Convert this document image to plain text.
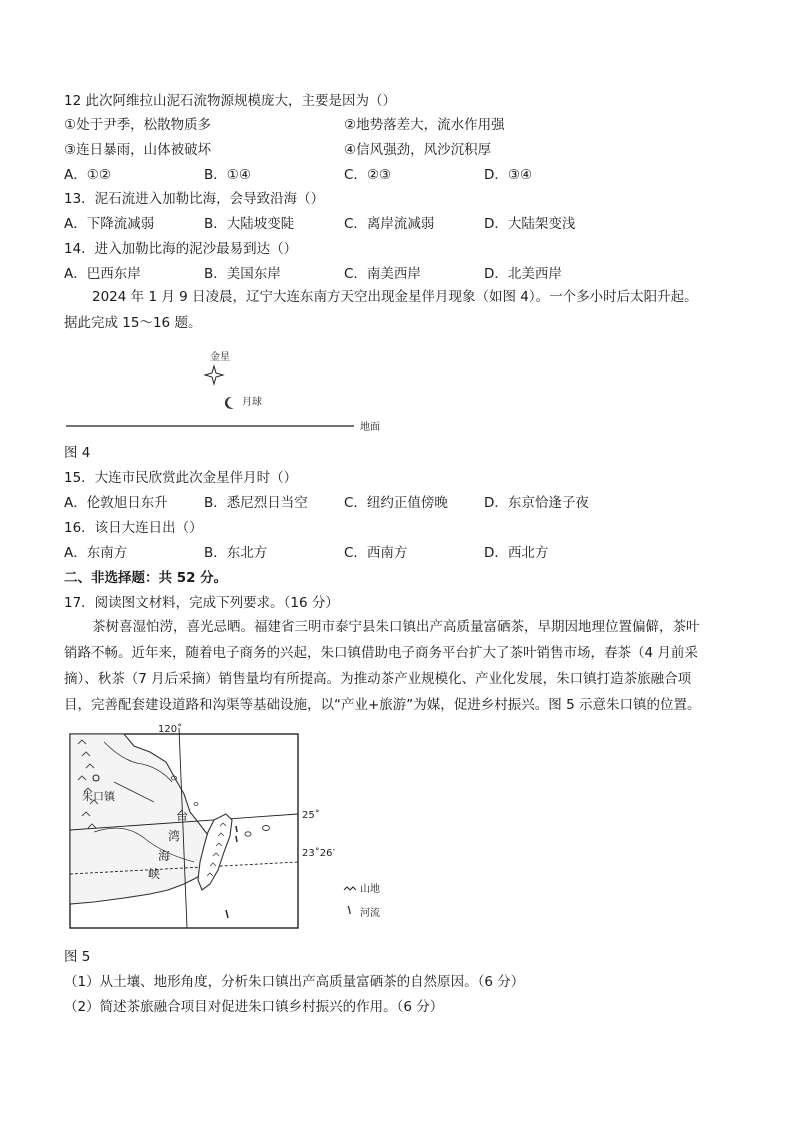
12 此次阿维拉山泥石流物源规模庞大，主要是因为（）
①处于尹季，松散物质多	②地势落差大，流水作用强
③连日暴雨，山体被破坏	④信风强劲，风沙沉积厚
A．①②	B．①④	C．②③	D．③④
13．泥石流进入加勒比海，会导致沿海（）
A．下降流减弱	B．大陆坡变陡	C．离岸流减弱	D．大陆架变浅
14．进入加勒比海的泥沙最易到达（）
A．巴西东岸	B．美国东岸	C．南美西岸	D．北美西岸
2024 年 1 月 9 日凌晨，辽宁大连东南方天空出现金星伴月现象（如图 4）。一个多小时后太阳升起。据此完成 15～16 题。
金星
月球
地面
图 4
15．大连市民欣赏此次金星伴月时（）
A．伦敦旭日东升	B．悉尼烈日当空	C．纽约正值傍晚	D．东京恰逢子夜
16．该日大连日出（）
A．东南方	B．东北方	C．西南方	D．西北方
二、非选择题：共 52 分。
17．阅读图文材料，完成下列要求。（16 分）
茶树喜湿怕涝，喜光忌晒。福建省三明市泰宁县朱口镇出产高质量富硒茶，早期因地理位置偏僻，茶叶销路不畅。近年来，随着电子商务的兴起，朱口镇借助电子商务平台扩大了茶叶销售市场，春茶（4 月前采摘）、秋茶（7 月后采摘）销售量均有所提高。为推动茶产业规模化、产业化发展，朱口镇打造茶旅融合项目，完善配套建设道路和沟渠等基础设施，以“产业+旅游”为媒，促进乡村振兴。图 5 示意朱口镇的位置。
120˚
25˚
23˚26′
朱口镇
台
湾
海
峡
山地
河流
图 5
（1）从土壤、地形角度，分析朱口镇出产高质量富硒茶的自然原因。（6 分）
（2）简述茶旅融合项目对促进朱口镇乡村振兴的作用。（6 分）
